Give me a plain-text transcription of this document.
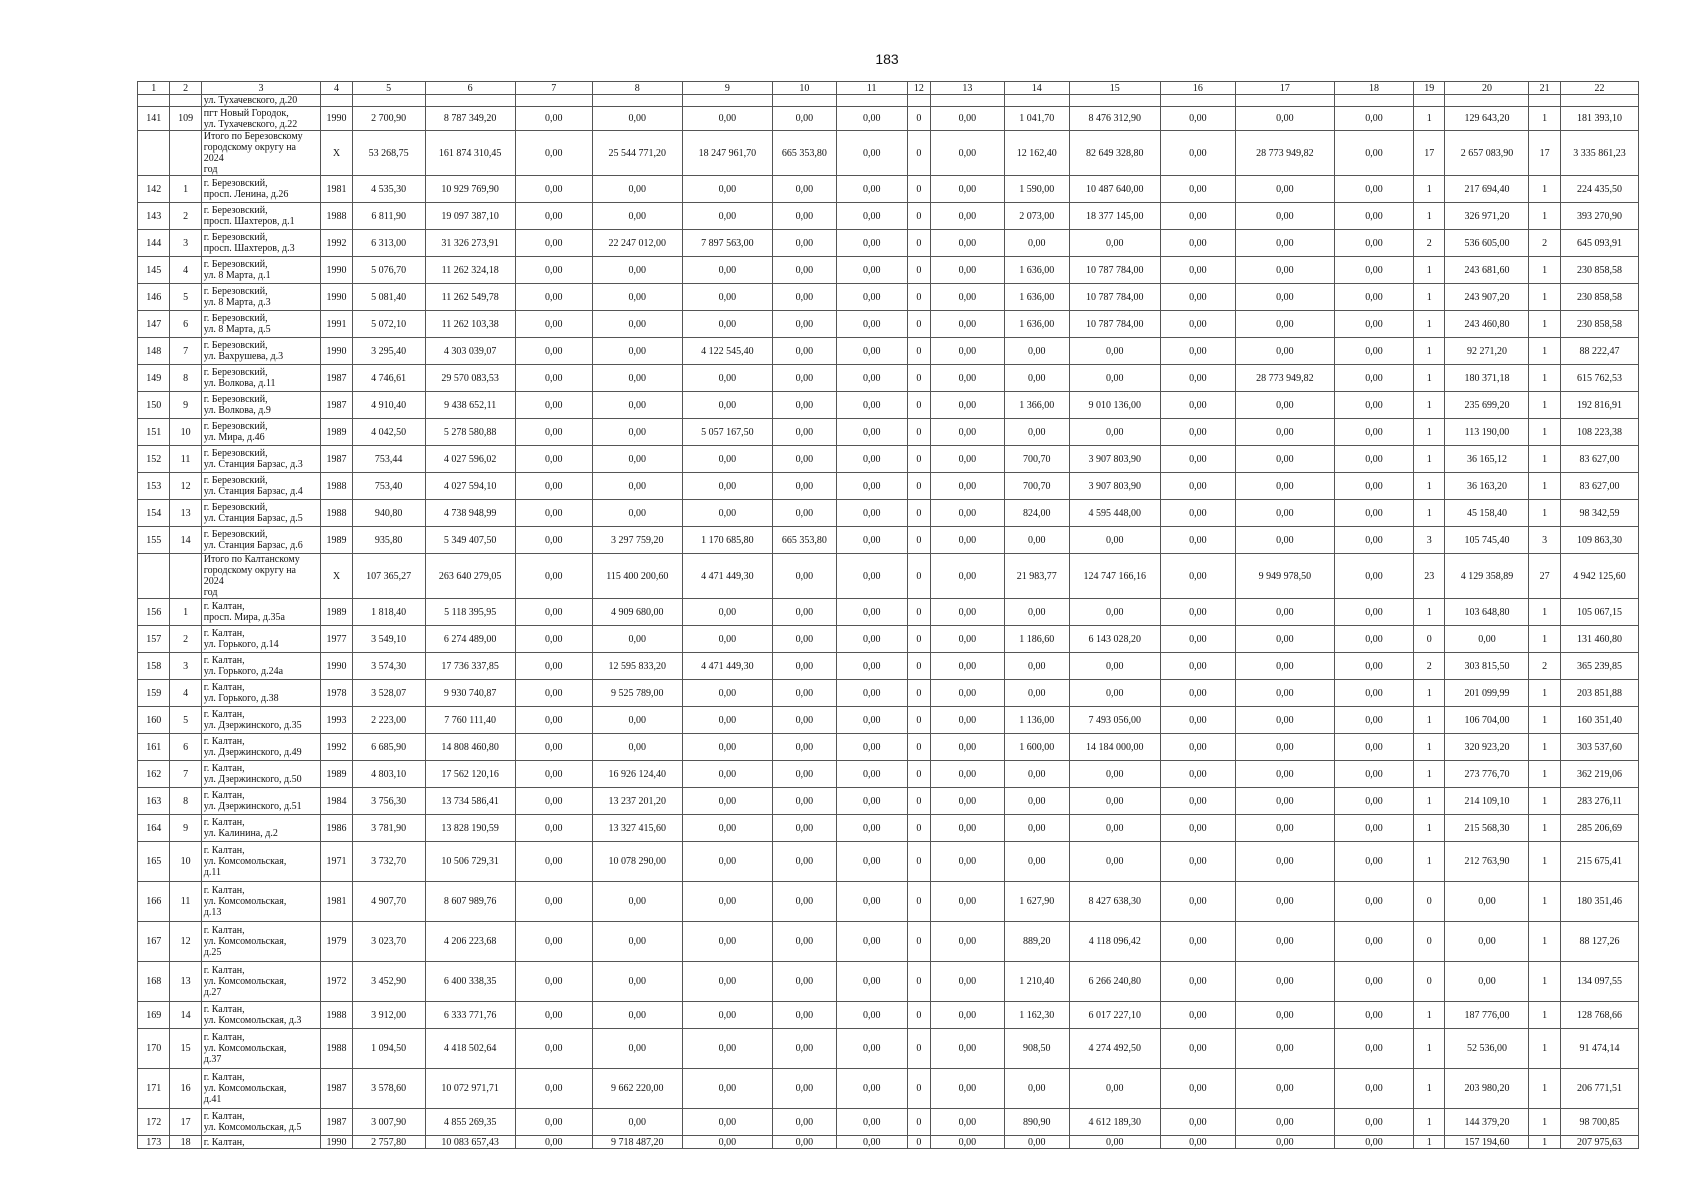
183
1	2	3	4	5	6	7	8	9	10	11	12	13	14	15	16	17	18	19	20	21	22
		ул. Тухачевского, д.20																			
141	109	пгт Новый Городок,
ул. Тухачевского, д.22	1990	2 700,90	8 787 349,20	0,00	0,00	0,00	0,00	0,00	0	0,00	1 041,70	8 476 312,90	0,00	0,00	0,00	1	129 643,20	1	181 393,10
		Итого по Березовскому
городскому округу на 2024
год	X	53 268,75	161 874 310,45	0,00	25 544 771,20	18 247 961,70	665 353,80	0,00	0	0,00	12 162,40	82 649 328,80	0,00	28 773 949,82	0,00	17	2 657 083,90	17	3 335 861,23
142	1	г. Березовский,
просп. Ленина, д.26	1981	4 535,30	10 929 769,90	0,00	0,00	0,00	0,00	0,00	0	0,00	1 590,00	10 487 640,00	0,00	0,00	0,00	1	217 694,40	1	224 435,50
143	2	г. Березовский,
просп. Шахтеров, д.1	1988	6 811,90	19 097 387,10	0,00	0,00	0,00	0,00	0,00	0	0,00	2 073,00	18 377 145,00	0,00	0,00	0,00	1	326 971,20	1	393 270,90
144	3	г. Березовский,
просп. Шахтеров, д.3	1992	6 313,00	31 326 273,91	0,00	22 247 012,00	7 897 563,00	0,00	0,00	0	0,00	0,00	0,00	0,00	0,00	0,00	2	536 605,00	2	645 093,91
145	4	г. Березовский,
ул. 8 Марта, д.1	1990	5 076,70	11 262 324,18	0,00	0,00	0,00	0,00	0,00	0	0,00	1 636,00	10 787 784,00	0,00	0,00	0,00	1	243 681,60	1	230 858,58
146	5	г. Березовский,
ул. 8 Марта, д.3	1990	5 081,40	11 262 549,78	0,00	0,00	0,00	0,00	0,00	0	0,00	1 636,00	10 787 784,00	0,00	0,00	0,00	1	243 907,20	1	230 858,58
147	6	г. Березовский,
ул. 8 Марта, д.5	1991	5 072,10	11 262 103,38	0,00	0,00	0,00	0,00	0,00	0	0,00	1 636,00	10 787 784,00	0,00	0,00	0,00	1	243 460,80	1	230 858,58
148	7	г. Березовский,
ул. Вахрушева, д.3	1990	3 295,40	4 303 039,07	0,00	0,00	4 122 545,40	0,00	0,00	0	0,00	0,00	0,00	0,00	0,00	0,00	1	92 271,20	1	88 222,47
149	8	г. Березовский,
ул. Волкова, д.11	1987	4 746,61	29 570 083,53	0,00	0,00	0,00	0,00	0,00	0	0,00	0,00	0,00	0,00	28 773 949,82	0,00	1	180 371,18	1	615 762,53
150	9	г. Березовский,
ул. Волкова, д.9	1987	4 910,40	9 438 652,11	0,00	0,00	0,00	0,00	0,00	0	0,00	1 366,00	9 010 136,00	0,00	0,00	0,00	1	235 699,20	1	192 816,91
151	10	г. Березовский,
ул. Мира, д.46	1989	4 042,50	5 278 580,88	0,00	0,00	5 057 167,50	0,00	0,00	0	0,00	0,00	0,00	0,00	0,00	0,00	1	113 190,00	1	108 223,38
152	11	г. Березовский,
ул. Станция Барзас, д.3	1987	753,44	4 027 596,02	0,00	0,00	0,00	0,00	0,00	0	0,00	700,70	3 907 803,90	0,00	0,00	0,00	1	36 165,12	1	83 627,00
153	12	г. Березовский,
ул. Станция Барзас, д.4	1988	753,40	4 027 594,10	0,00	0,00	0,00	0,00	0,00	0	0,00	700,70	3 907 803,90	0,00	0,00	0,00	1	36 163,20	1	83 627,00
154	13	г. Березовский,
ул. Станция Барзас, д.5	1988	940,80	4 738 948,99	0,00	0,00	0,00	0,00	0,00	0	0,00	824,00	4 595 448,00	0,00	0,00	0,00	1	45 158,40	1	98 342,59
155	14	г. Березовский,
ул. Станция Барзас, д.6	1989	935,80	5 349 407,50	0,00	3 297 759,20	1 170 685,80	665 353,80	0,00	0	0,00	0,00	0,00	0,00	0,00	0,00	3	105 745,40	3	109 863,30
		Итого по Калтанскому
городскому округу на 2024
год	X	107 365,27	263 640 279,05	0,00	115 400 200,60	4 471 449,30	0,00	0,00	0	0,00	21 983,77	124 747 166,16	0,00	9 949 978,50	0,00	23	4 129 358,89	27	4 942 125,60
156	1	г. Калтан,
просп. Мира, д.35а	1989	1 818,40	5 118 395,95	0,00	4 909 680,00	0,00	0,00	0,00	0	0,00	0,00	0,00	0,00	0,00	0,00	1	103 648,80	1	105 067,15
157	2	г. Калтан,
ул. Горького, д.14	1977	3 549,10	6 274 489,00	0,00	0,00	0,00	0,00	0,00	0	0,00	1 186,60	6 143 028,20	0,00	0,00	0,00	0	0,00	1	131 460,80
158	3	г. Калтан,
ул. Горького, д.24а	1990	3 574,30	17 736 337,85	0,00	12 595 833,20	4 471 449,30	0,00	0,00	0	0,00	0,00	0,00	0,00	0,00	0,00	2	303 815,50	2	365 239,85
159	4	г. Калтан,
ул. Горького, д.38	1978	3 528,07	9 930 740,87	0,00	9 525 789,00	0,00	0,00	0,00	0	0,00	0,00	0,00	0,00	0,00	0,00	1	201 099,99	1	203 851,88
160	5	г. Калтан,
ул. Дзержинского, д.35	1993	2 223,00	7 760 111,40	0,00	0,00	0,00	0,00	0,00	0	0,00	1 136,00	7 493 056,00	0,00	0,00	0,00	1	106 704,00	1	160 351,40
161	6	г. Калтан,
ул. Дзержинского, д.49	1992	6 685,90	14 808 460,80	0,00	0,00	0,00	0,00	0,00	0	0,00	1 600,00	14 184 000,00	0,00	0,00	0,00	1	320 923,20	1	303 537,60
162	7	г. Калтан,
ул. Дзержинского, д.50	1989	4 803,10	17 562 120,16	0,00	16 926 124,40	0,00	0,00	0,00	0	0,00	0,00	0,00	0,00	0,00	0,00	1	273 776,70	1	362 219,06
163	8	г. Калтан,
ул. Дзержинского, д.51	1984	3 756,30	13 734 586,41	0,00	13 237 201,20	0,00	0,00	0,00	0	0,00	0,00	0,00	0,00	0,00	0,00	1	214 109,10	1	283 276,11
164	9	г. Калтан,
ул. Калинина, д.2	1986	3 781,90	13 828 190,59	0,00	13 327 415,60	0,00	0,00	0,00	0	0,00	0,00	0,00	0,00	0,00	0,00	1	215 568,30	1	285 206,69
165	10	г. Калтан,
ул. Комсомольская,
д.11	1971	3 732,70	10 506 729,31	0,00	10 078 290,00	0,00	0,00	0,00	0	0,00	0,00	0,00	0,00	0,00	0,00	1	212 763,90	1	215 675,41
166	11	г. Калтан,
ул. Комсомольская,
д.13	1981	4 907,70	8 607 989,76	0,00	0,00	0,00	0,00	0,00	0	0,00	1 627,90	8 427 638,30	0,00	0,00	0,00	0	0,00	1	180 351,46
167	12	г. Калтан,
ул. Комсомольская,
д.25	1979	3 023,70	4 206 223,68	0,00	0,00	0,00	0,00	0,00	0	0,00	889,20	4 118 096,42	0,00	0,00	0,00	0	0,00	1	88 127,26
168	13	г. Калтан,
ул. Комсомольская,
д.27	1972	3 452,90	6 400 338,35	0,00	0,00	0,00	0,00	0,00	0	0,00	1 210,40	6 266 240,80	0,00	0,00	0,00	0	0,00	1	134 097,55
169	14	г. Калтан,
ул. Комсомольская, д.3	1988	3 912,00	6 333 771,76	0,00	0,00	0,00	0,00	0,00	0	0,00	1 162,30	6 017 227,10	0,00	0,00	0,00	1	187 776,00	1	128 768,66
170	15	г. Калтан,
ул. Комсомольская,
д.37	1988	1 094,50	4 418 502,64	0,00	0,00	0,00	0,00	0,00	0	0,00	908,50	4 274 492,50	0,00	0,00	0,00	1	52 536,00	1	91 474,14
171	16	г. Калтан,
ул. Комсомольская,
д.41	1987	3 578,60	10 072 971,71	0,00	9 662 220,00	0,00	0,00	0,00	0	0,00	0,00	0,00	0,00	0,00	0,00	1	203 980,20	1	206 771,51
172	17	г. Калтан,
ул. Комсомольская, д.5	1987	3 007,90	4 855 269,35	0,00	0,00	0,00	0,00	0,00	0	0,00	890,90	4 612 189,30	0,00	0,00	0,00	1	144 379,20	1	98 700,85
173	18	г. Калтан,	1990	2 757,80	10 083 657,43	0,00	9 718 487,20	0,00	0,00	0,00	0	0,00	0,00	0,00	0,00	0,00	0,00	1	157 194,60	1	207 975,63
